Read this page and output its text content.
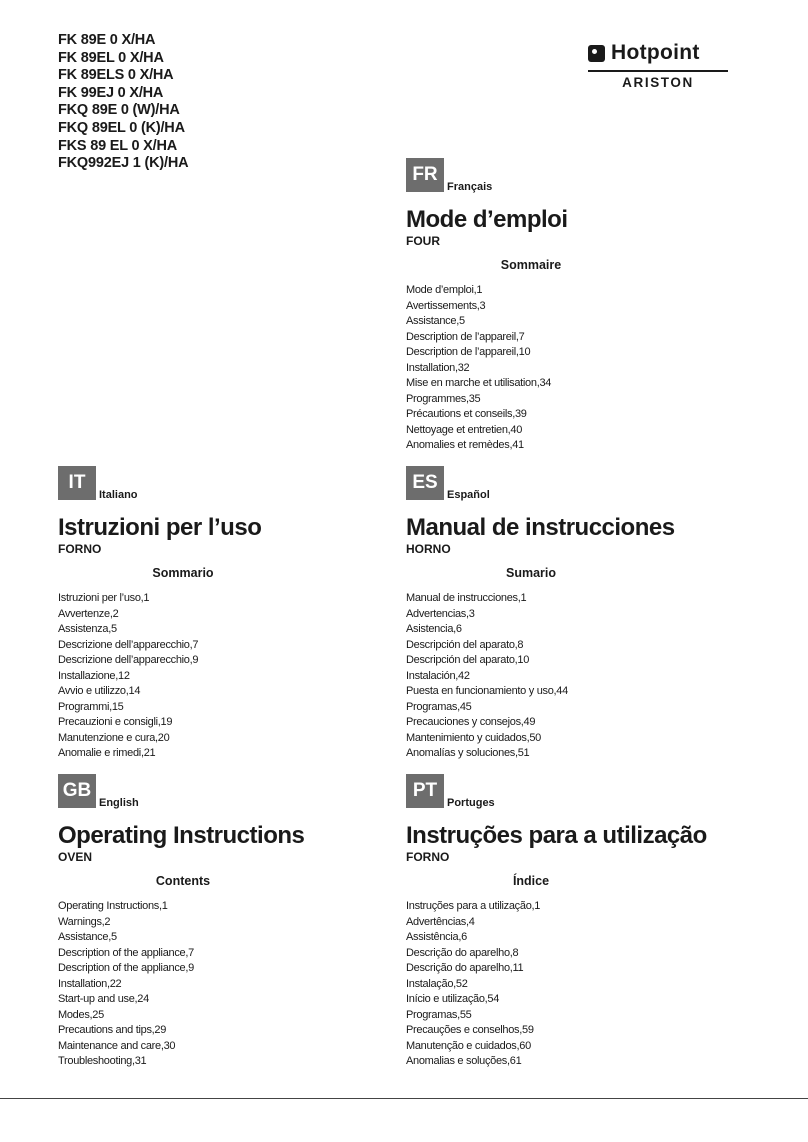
FK 89E 0 X/HA
FK 89EL 0 X/HA
FK 89ELS 0 X/HA
FK 99EJ 0 X/HA
FKQ 89E 0 (W)/HA
FKQ 89EL 0 (K)/HA
FKS 89 EL 0 X/HA
FKQ992EJ 1 (K)/HA
Hotpoint
ARISTON
FR
Français
Mode d’emploi
FOUR
Sommaire
Mode d’emploi,1
Avertissements,3
Assistance,5
Description de l’appareil,7
Description de l’appareil,10
Installation,32
Mise en marche et utilisation,34
Programmes,35
Précautions et conseils,39
Nettoyage et entretien,40
Anomalies et remèdes,41
IT
Italiano
Istruzioni per l’uso
FORNO
Sommario
Istruzioni per l’uso,1
Avvertenze,2
Assistenza,5
Descrizione dell’apparecchio,7
Descrizione dell’apparecchio,9
Installazione,12
Avvio e utilizzo,14
Programmi,15
Precauzioni e consigli,19
Manutenzione e cura,20
Anomalie e rimedi,21
ES
Español
Manual de instrucciones
HORNO
Sumario
Manual de instrucciones,1
Advertencias,3
Asistencia,6
Descripción del aparato,8
Descripción del aparato,10
Instalación,42
Puesta en funcionamiento y uso,44
Programas,45
Precauciones y consejos,49
Mantenimiento y cuidados,50
Anomalías y soluciones,51
GB
English
Operating Instructions
OVEN
Contents
Operating Instructions,1
Warnings,2
Assistance,5
Description of the appliance,7
Description of the appliance,9
Installation,22
Start-up and use,24
Modes,25
Precautions and tips,29
Maintenance and care,30
Troubleshooting,31
PT
Portuges
Instruções para a utilização
FORNO
Índice
Instruções para a utilização,1
Advertências,4
Assistência,6
Descrição do aparelho,8
Descrição do aparelho,11
Instalação,52
Início e utilização,54
Programas,55
Precauções e conselhos,59
Manutenção e cuidados,60
Anomalias e soluções,61
